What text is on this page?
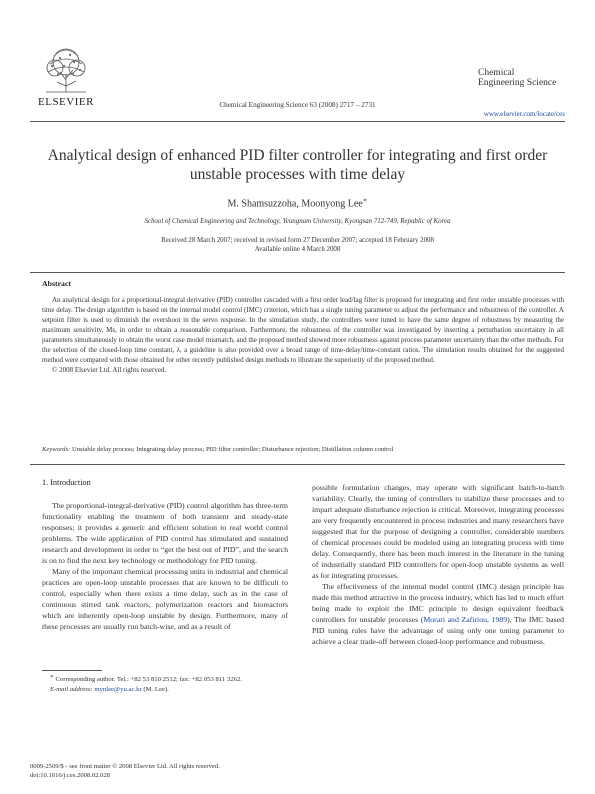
ELSEVIER	Chemical Engineering Science 63 (2008) 2717 – 2731
Chemical
Engineering Science
www.elsevier.com/locate/ces
Analytical design of enhanced PID filter controller for integrating and first order unstable processes with time delay
M. Shamsuzzoha, Moonyong Lee∗
School of Chemical Engineering and Technology, Yeungnam University, Kyongsan 712-749, Republic of Korea
Received 28 March 2007; received in revised form 27 December 2007; accepted 18 February 2008
Available online 4 March 2008
Abstract
An analytical design for a proportional-integral derivative (PID) controller cascaded with a first order lead/lag filter is proposed for integrating and first order unstable processes with time delay. The design algorithm is based on the internal model control (IMC) criterion, which has a single tuning parameter to adjust the performance and robustness of the controller. A setpoint filter is used to diminish the overshoot in the servo response. In the simulation study, the controllers were tuned to have the same degree of robustness by measuring the maximum sensitivity, Ms, in order to obtain a reasonable comparison. Furthermore, the robustness of the controller was investigated by inserting a perturbation uncertainty in all parameters simultaneously to obtain the worst case model mismatch, and the proposed method showed more robustness against process parameter uncertainty than the other methods. For the selection of the closed-loop time constant, λ, a guideline is also provided over a broad range of time-delay/time-constant ratios. The simulation results obtained for the suggested method were compared with those obtained for other recently published design methods to illustrate the superiority of the proposed method.
© 2008 Elsevier Ltd. All rights reserved.
Keywords: Unstable delay process; Integrating delay process; PID filter controller; Disturbance rejection; Distillation column control
1. Introduction

The proportional-integral-derivative (PID) control algorithm has three-term functionality enabling the treatment of both transient and steady-state responses; it provides a generic and efficient solution to real world control problems. The wide application of PID control has stimulated and sustained research and development in order to “get the best out of PID”, and the search is on to find the next key technology or methodology for PID tuning.

Many of the important chemical processing units in industrial and chemical practices are open-loop unstable processes that are known to be difficult to control, especially when there exists a time delay, such as in the case of continuous stirred tank reactors, polymerization reactors and bioreactors which are inherently open-loop unstable by design. Furthermore, many of these processes are usually run batch-wise, and as a result of

possible formulation changes, may operate with significant batch-to-batch variability. Clearly, the tuning of controllers to stabilize these processes and to impart adequate disturbance rejection is critical. Moreover, integrating processes are very frequently encountered in process industries and many researchers have suggested that for the purpose of designing a controller, considerable numbers of chemical processes could be modeled using an integrating process with time delay. Consequently, there has been much interest in the literature in the tuning of industrially standard PID controllers for open-loop unstable systems as well as for integrating processes.

The effectiveness of the internal model control (IMC) design principle has made this method attractive in the process industry, which has led to much effort being made to exploit the IMC principle to design equivalent feedback controllers for unstable processes (Morari and Zafiriou, 1989). The IMC based PID tuning rules have the advantage of using only one tuning parameter to achieve a clear trade-off between closed-loop performance and robustness.

∗ Corresponding author. Tel.: +82 53 810 2512; fax: +82 053 811 3262.
E-mail address: mynlee@yu.ac.kr (M. Lee).
0009-2509/$ - see front matter © 2008 Elsevier Ltd. All rights reserved.
doi:10.1016/j.ces.2008.02.028
